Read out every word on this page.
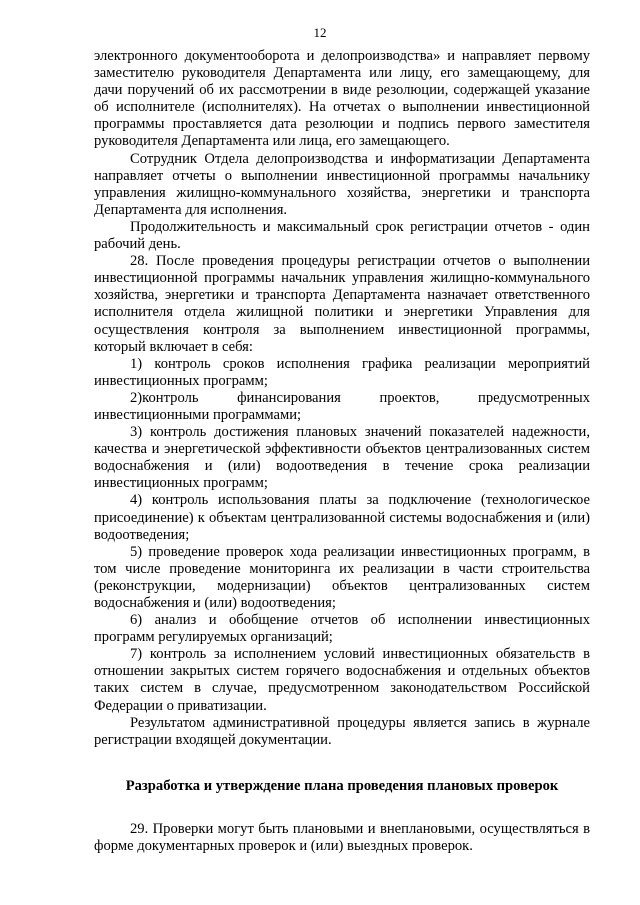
12

электронного документооборота и делопроизводства» и направляет первому заместителю руководителя Департамента или лицу, его замещающему, для дачи поручений об их рассмотрении в виде резолюции, содержащей указание об исполнителе (исполнителях). На отчетах о выполнении инвестиционной программы проставляется дата резолюции и подпись первого заместителя руководителя Департамента или лица, его замещающего.

Сотрудник Отдела делопроизводства и информатизации Департамента направляет отчеты о выполнении инвестиционной программы начальнику управления жилищно-коммунального хозяйства, энергетики и транспорта Департамента для исполнения.

Продолжительность и максимальный срок регистрации отчетов - один рабочий день.

28. После проведения процедуры регистрации отчетов о выполнении инвестиционной программы начальник управления жилищно-коммунального хозяйства, энергетики и транспорта Департамента назначает ответственного исполнителя отдела жилищной политики и энергетики Управления для осуществления контроля за выполнением инвестиционной программы, который включает в себя:

1) контроль сроков исполнения графика реализации мероприятий инвестиционных программ;

2)контроль финансирования проектов, предусмотренных инвестиционными программами;

3) контроль достижения плановых значений показателей надежности, качества и энергетической эффективности объектов централизованных систем водоснабжения и (или) водоотведения в течение срока реализации инвестиционных программ;

4) контроль использования платы за подключение (технологическое присоединение) к объектам централизованной системы водоснабжения и (или) водоотведения;

5) проведение проверок хода реализации инвестиционных программ, в том числе проведение мониторинга их реализации в части строительства (реконструкции, модернизации) объектов централизованных систем водоснабжения и (или) водоотведения;

6) анализ и обобщение отчетов об исполнении инвестиционных программ регулируемых организаций;

7) контроль за исполнением условий инвестиционных обязательств в отношении закрытых систем горячего водоснабжения и отдельных объектов таких систем в случае, предусмотренном законодательством Российской Федерации о приватизации.

Результатом административной процедуры является запись в журнале регистрации входящей документации.

Разработка и утверждение плана проведения плановых проверок

29. Проверки могут быть плановыми и внеплановыми, осуществляться в форме документарных проверок и (или) выездных проверок.
